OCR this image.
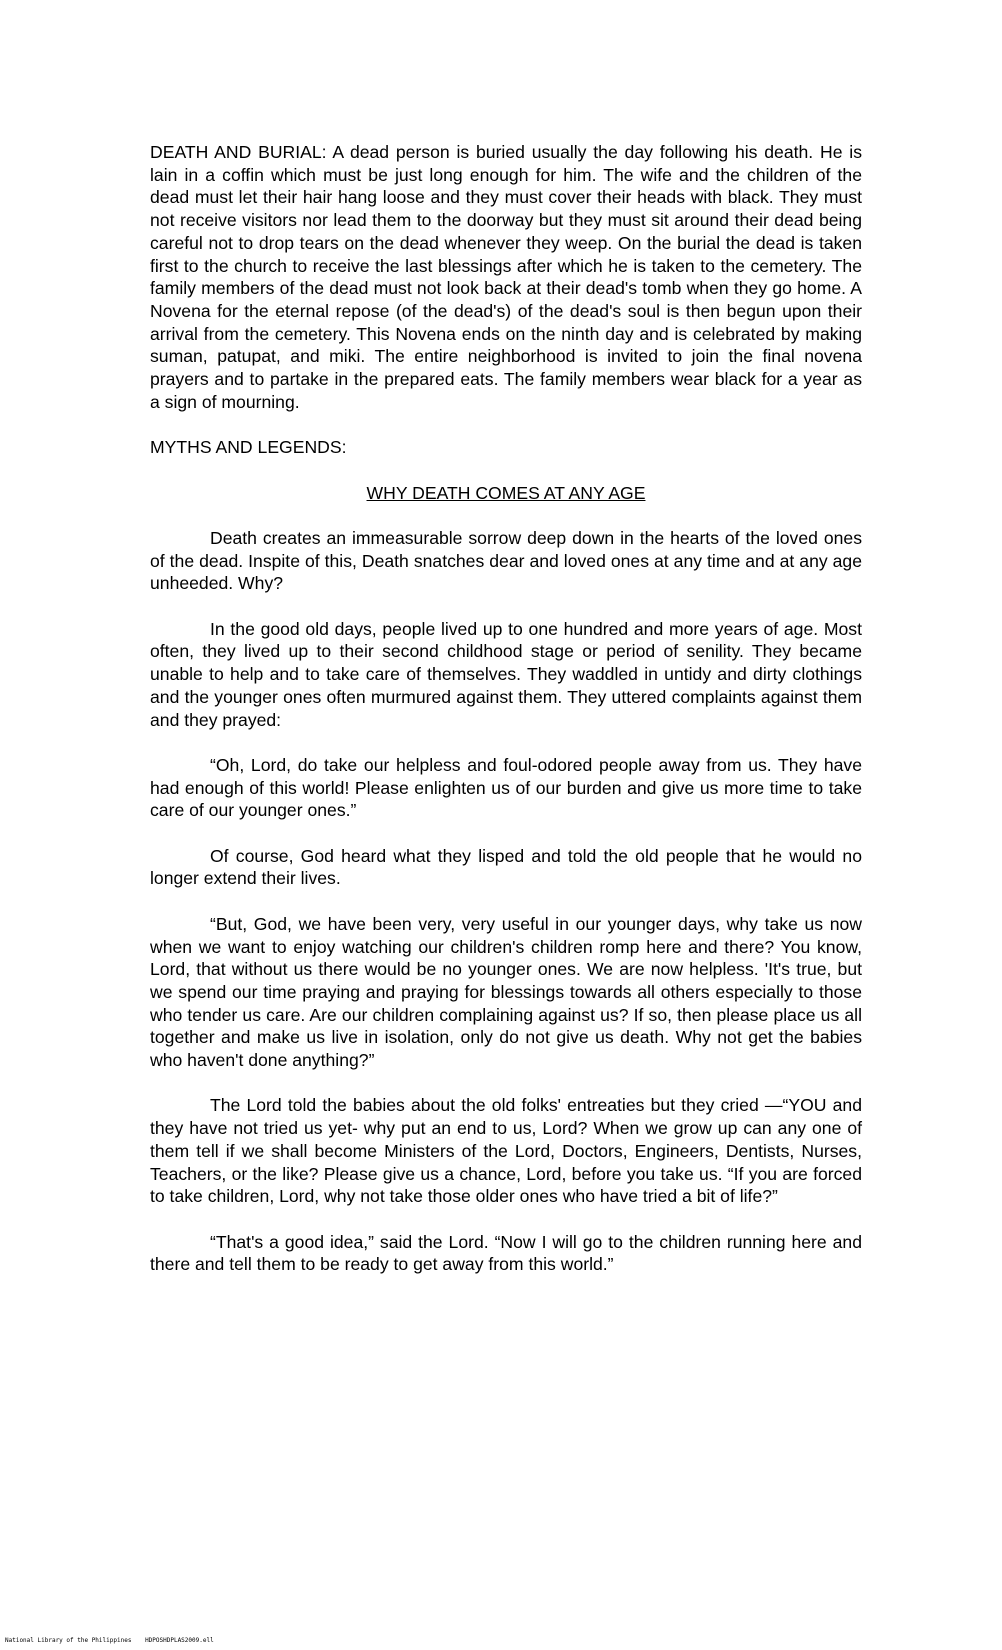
DEATH AND BURIAL: A dead person is buried usually the day following his death. He is lain in a coffin which must be just long enough for him. The wife and the children of the dead must let their hair hang loose and they must cover their heads with black. They must not receive visitors nor lead them to the doorway but they must sit around their dead being careful not to drop tears on the dead whenever they weep. On the burial the dead is taken first to the church to receive the last blessings after which he is taken to the cemetery. The family members of the dead must not look back at their dead's tomb when they go home. A Novena for the eternal repose (of the dead's) of the dead's soul is then begun upon their arrival from the cemetery. This Novena ends on the ninth day and is celebrated by making suman, patupat, and miki. The entire neighborhood is invited to join the final novena prayers and to partake in the prepared eats. The family members wear black for a year as a sign of mourning.

MYTHS AND LEGENDS:

WHY DEATH COMES AT ANY AGE

Death creates an immeasurable sorrow deep down in the hearts of the loved ones of the dead. Inspite of this, Death snatches dear and loved ones at any time and at any age unheeded. Why?

In the good old days, people lived up to one hundred and more years of age. Most often, they lived up to their second childhood stage or period of senility. They became unable to help and to take care of themselves. They waddled in untidy and dirty clothings and the younger ones often murmured against them. They uttered complaints against them and they prayed:

“Oh, Lord, do take our helpless and foul-odored people away from us. They have had enough of this world! Please enlighten us of our burden and give us more time to take care of our younger ones.”

Of course, God heard what they lisped and told the old people that he would no longer extend their lives.

“But, God, we have been very, very useful in our younger days, why take us now when we want to enjoy watching our children's children romp here and there? You know, Lord, that without us there would be no younger ones. We are now helpless. 'It's true, but we spend our time praying and praying for blessings towards all others especially to those who tender us care. Are our children complaining against us? If so, then please place us all together and make us live in isolation, only do not give us death. Why not get the babies who haven't done anything?”

The Lord told the babies about the old folks' entreaties but they cried —“YOU and they have not tried us yet- why put an end to us, Lord? When we grow up can any one of them tell if we shall become Ministers of the Lord, Doctors, Engineers, Dentists, Nurses, Teachers, or the like? Please give us a chance, Lord, before you take us. “If you are forced to take children, Lord, why not take those older ones who have tried a bit of life?”

“That's a good idea,” said the Lord. “Now I will go to the children running here and there and tell them to be ready to get away from this world.”

National Library of the Philippines HDPOSHDPLAS2009.ell
